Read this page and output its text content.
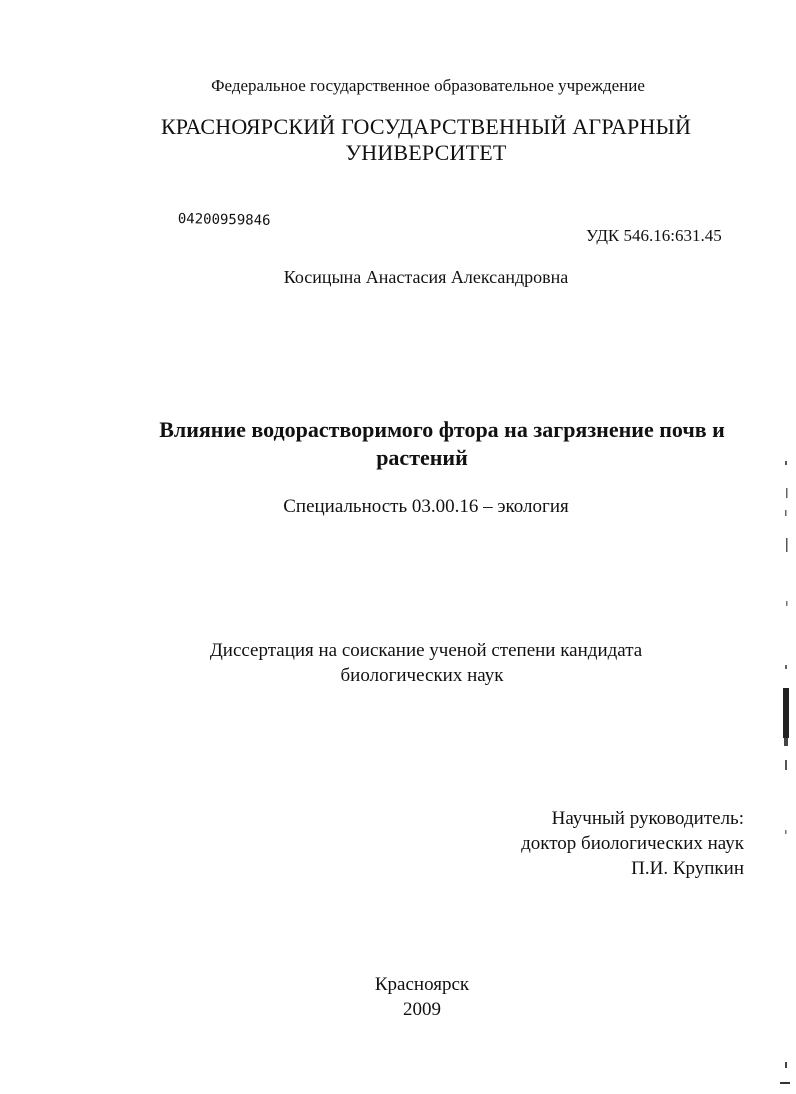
Федеральное государственное образовательное учреждение
КРАСНОЯРСКИЙ ГОСУДАРСТВЕННЫЙ АГРАРНЫЙ
УНИВЕРСИТЕТ
04200959846
УДК 546.16:631.45
Косицына Анастасия Александровна
Влияние водорастворимого фтора на загрязнение почв и
растений
Специальность 03.00.16 – экология
Диссертация на соискание ученой степени кандидата
биологических наук
Научный руководитель:
доктор биологических наук
П.И. Крупкин
Красноярск
2009
